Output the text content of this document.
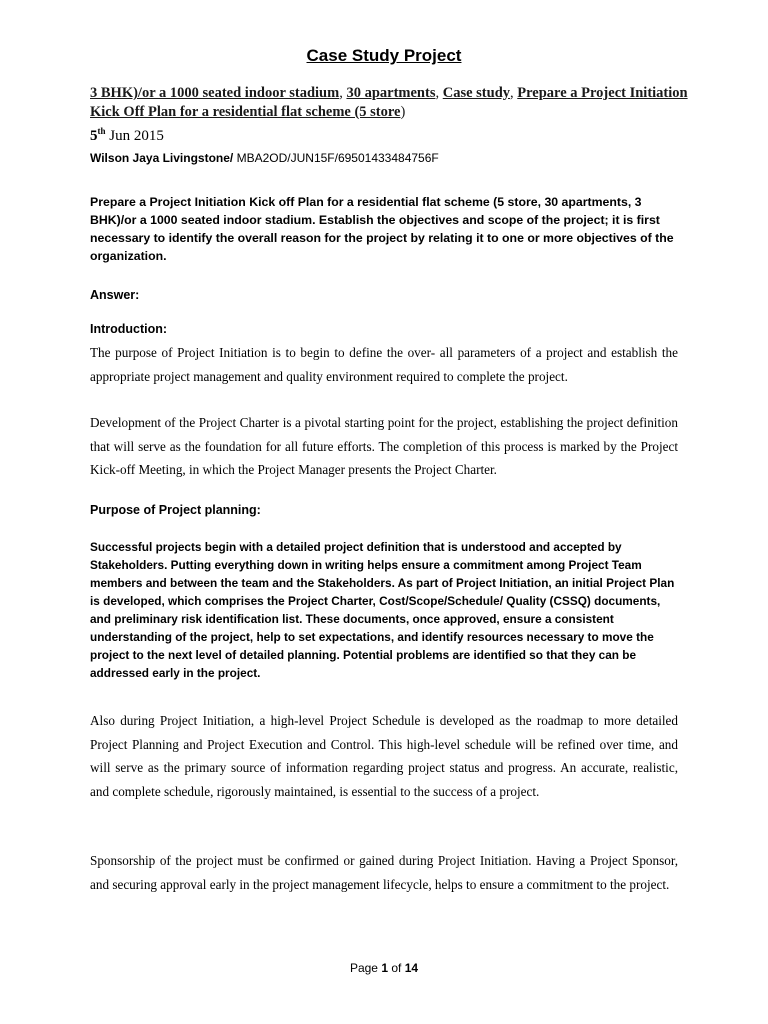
Case Study Project
3 BHK)/or a 1000 seated indoor stadium, 30 apartments, Case study, Prepare a Project Initiation Kick Off Plan for a residential flat scheme (5 store)
5th Jun 2015
Wilson Jaya Livingstone/ MBA2OD/JUN15F/69501433484756F
Prepare a Project Initiation Kick off Plan for a residential flat scheme (5 store, 30 apartments, 3 BHK)/or a 1000 seated indoor stadium. Establish the objectives and scope of the project; it is first necessary to identify the overall reason for the project by relating it to one or more objectives of the organization.
Answer:
Introduction:
The purpose of Project Initiation is to begin to define the over- all parameters of a project and establish the appropriate project management and quality environment required to complete the project.
Development of the Project Charter is a pivotal starting point for the project, establishing the project definition that will serve as the foundation for all future efforts. The completion of this process is marked by the Project Kick-off Meeting, in which the Project Manager presents the Project Charter.
Purpose of Project planning:
Successful projects begin with a detailed project definition that is understood and accepted by Stakeholders. Putting everything down in writing helps ensure a commitment among Project Team members and between the team and the Stakeholders. As part of Project Initiation, an initial Project Plan is developed, which comprises the Project Charter, Cost/Scope/Schedule/ Quality (CSSQ) documents, and preliminary risk identification list. These documents, once approved, ensure a consistent understanding of the project, help to set expectations, and identify resources necessary to move the project to the next level of detailed planning. Potential problems are identified so that they can be addressed early in the project.
Also during Project Initiation, a high-level Project Schedule is developed as the roadmap to more detailed Project Planning and Project Execution and Control. This high-level schedule will be refined over time, and will serve as the primary source of information regarding project status and progress. An accurate, realistic, and complete schedule, rigorously maintained, is essential to the success of a project.
Sponsorship of the project must be confirmed or gained during Project Initiation. Having a Project Sponsor, and securing approval early in the project management lifecycle, helps to ensure a commitment to the project.
Page 1 of 14
